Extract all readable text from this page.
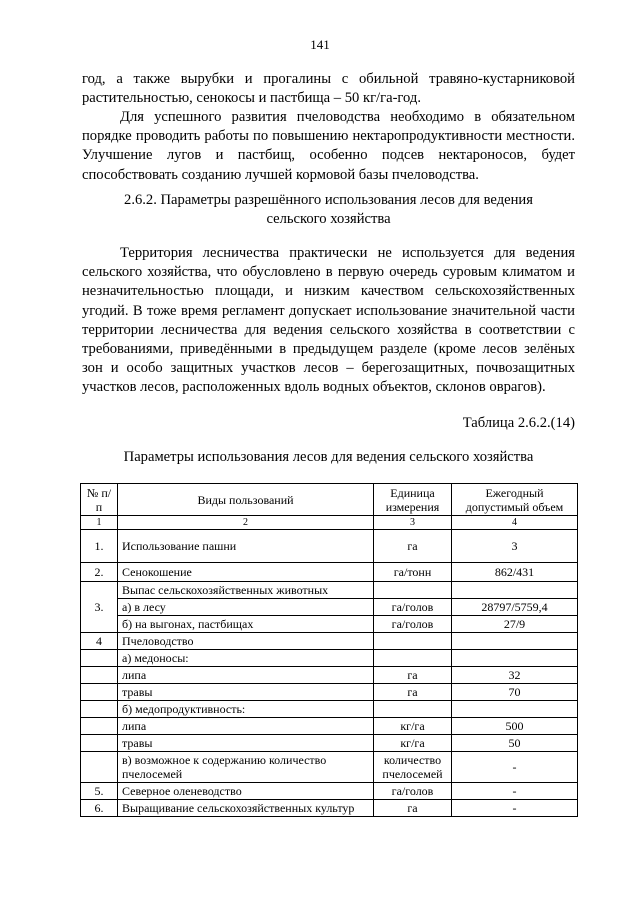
141

год, а также вырубки и прогалины с обильной травяно-кустарниковой растительностью, сенокосы и пастбища – 50 кг/га-год.

Для успешного развития пчеловодства необходимо в обязательном порядке проводить работы по повышению нектаропродуктивности местности. Улучшение лугов и пастбищ, особенно подсев нектароносов, будет способствовать созданию лучшей кормовой базы пчеловодства.

2.6.2. Параметры разрешённого использования лесов для ведения

сельского хозяйства

Территория лесничества практически не используется для ведения сельского хозяйства, что обусловлено в первую очередь суровым климатом и незначительностью площади, и низким качеством сельскохозяйственных угодий. В тоже время регламент допускает использование значительной части территории лесничества для ведения сельского хозяйства в соответствии с требованиями, приведёнными в предыдущем разделе (кроме лесов зелёных зон и особо защитных участков лесов – берегозащитных, почвозащитных участков лесов, расположенных вдоль водных объектов, склонов оврагов).

Таблица 2.6.2.(14)
Параметры использования лесов для ведения сельского хозяйства
№ п/п	Виды пользований	Единица измерения	Ежегодный допустимый объем
1	2	3	4
1.	Использование пашни	га	3
2.	Сенокошение	га/тонн	862/431
3.	Выпас сельскохозяйственных животных		
	а) в лесу	га/голов	28797/5759,4
	б) на выгонах, пастбищах	га/голов	27/9
4	Пчеловодство		
	а) медоносы:		
	липа	га	32
	травы	га	70
	б) медопродуктивность:		
	липа	кг/га	500
	травы	кг/га	50
	в) возможное к содержанию количество пчелосемей	количество пчелосемей	-
5.	Северное оленеводство	га/голов	-
6.	Выращивание сельскохозяйственных культур	га	-
